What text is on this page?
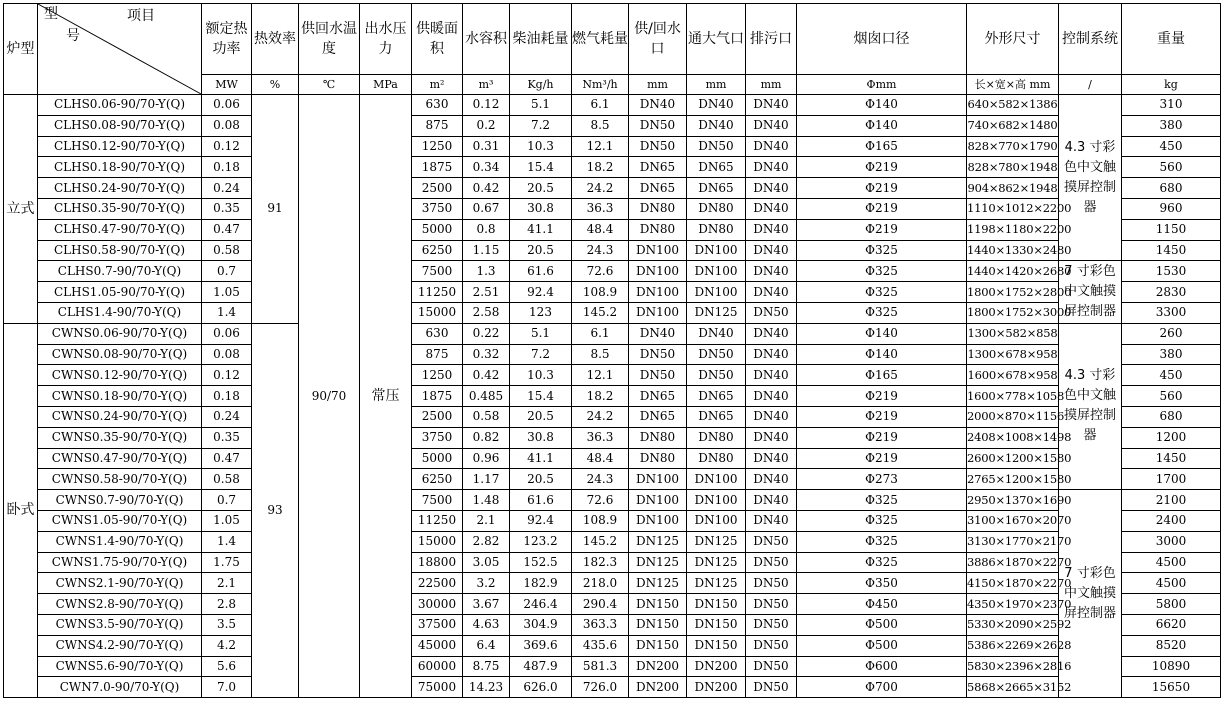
炉型	项目
型
号	额定热功率	热效率	供回水温度	出水压力	供暖面积	水容积	柴油耗量	燃气耗量	供/回水口	通大气口	排污口	烟囱口径	外形尺寸	控制系统	重量
		MW	%	℃	MPa	m²	m³	Kg/h	Nm³/h	mm	mm	mm	Φmm	长×宽×高 mm	/	kg
立式	CLHS0.06-90/70-Y(Q)	0.06	91	90/70	常压	630	0.12	5.1	6.1	DN40	DN40	DN40	Φ140	640×582×1386	4.3 寸彩色中文触摸屏控制器	310
	CLHS0.08-90/70-Y(Q)	0.08				875	0.2	7.2	8.5	DN50	DN40	DN40	Φ140	740×682×1480		380
	CLHS0.12-90/70-Y(Q)	0.12				1250	0.31	10.3	12.1	DN50	DN50	DN40	Φ165	828×770×1790		450
	CLHS0.18-90/70-Y(Q)	0.18				1875	0.34	15.4	18.2	DN65	DN65	DN40	Φ219	828×780×1948		560
	CLHS0.24-90/70-Y(Q)	0.24				2500	0.42	20.5	24.2	DN65	DN65	DN40	Φ219	904×862×1948		680
	CLHS0.35-90/70-Y(Q)	0.35				3750	0.67	30.8	36.3	DN80	DN80	DN40	Φ219	1110×1012×2200		960
	CLHS0.47-90/70-Y(Q)	0.47				5000	0.8	41.1	48.4	DN80	DN80	DN40	Φ219	1198×1180×2200		1150
	CLHS0.58-90/70-Y(Q)	0.58				6250	1.15	20.5	24.3	DN100	DN100	DN40	Φ325	1440×1330×2480		1450
	CLHS0.7-90/70-Y(Q)	0.7				7500	1.3	61.6	72.6	DN100	DN100	DN40	Φ325	1440×1420×2680	7 寸彩色中文触摸屏控制器	1530
	CLHS1.05-90/70-Y(Q)	1.05				11250	2.51	92.4	108.9	DN100	DN100	DN40	Φ325	1800×1752×2800		2830
	CLHS1.4-90/70-Y(Q)	1.4				15000	2.58	123	145.2	DN100	DN125	DN50	Φ325	1800×1752×3000		3300
卧式	CWNS0.06-90/70-Y(Q)	0.06	93			630	0.22	5.1	6.1	DN40	DN40	DN40	Φ140	1300×582×858	4.3 寸彩色中文触摸屏控制器	260
	CWNS0.08-90/70-Y(Q)	0.08				875	0.32	7.2	8.5	DN50	DN50	DN40	Φ140	1300×678×958		380
	CWNS0.12-90/70-Y(Q)	0.12				1250	0.42	10.3	12.1	DN50	DN50	DN40	Φ165	1600×678×958		450
	CWNS0.18-90/70-Y(Q)	0.18				1875	0.485	15.4	18.2	DN65	DN65	DN40	Φ219	1600×778×1058		560
	CWNS0.24-90/70-Y(Q)	0.24				2500	0.58	20.5	24.2	DN65	DN65	DN40	Φ219	2000×870×1156		680
	CWNS0.35-90/70-Y(Q)	0.35				3750	0.82	30.8	36.3	DN80	DN80	DN40	Φ219	2408×1008×1498		1200
	CWNS0.47-90/70-Y(Q)	0.47				5000	0.96	41.1	48.4	DN80	DN80	DN40	Φ219	2600×1200×1580		1450
	CWNS0.58-90/70-Y(Q)	0.58				6250	1.17	20.5	24.3	DN100	DN100	DN40	Φ273	2765×1200×1580		1700
	CWNS0.7-90/70-Y(Q)	0.7				7500	1.48	61.6	72.6	DN100	DN100	DN40	Φ325	2950×1370×1690	7 寸彩色中文触摸屏控制器	2100
	CWNS1.05-90/70-Y(Q)	1.05				11250	2.1	92.4	108.9	DN100	DN100	DN40	Φ325	3100×1670×2070		2400
	CWNS1.4-90/70-Y(Q)	1.4				15000	2.82	123.2	145.2	DN125	DN125	DN50	Φ325	3130×1770×2170		3000
	CWNS1.75-90/70-Y(Q)	1.75				18800	3.05	152.5	182.3	DN125	DN125	DN50	Φ325	3886×1870×2270		4500
	CWNS2.1-90/70-Y(Q)	2.1				22500	3.2	182.9	218.0	DN125	DN125	DN50	Φ350	4150×1870×2270		4500
	CWNS2.8-90/70-Y(Q)	2.8				30000	3.67	246.4	290.4	DN150	DN150	DN50	Φ450	4350×1970×2370		5800
	CWNS3.5-90/70-Y(Q)	3.5				37500	4.63	304.9	363.3	DN150	DN150	DN50	Φ500	5330×2090×2592		6620
	CWNS4.2-90/70-Y(Q)	4.2				45000	6.4	369.6	435.6	DN150	DN150	DN50	Φ500	5386×2269×2628		8520
	CWNS5.6-90/70-Y(Q)	5.6				60000	8.75	487.9	581.3	DN200	DN200	DN50	Φ600	5830×2396×2816		10890
	CWN7.0-90/70-Y(Q)	7.0				75000	14.23	626.0	726.0	DN200	DN200	DN50	Φ700	5868×2665×3152		15650
